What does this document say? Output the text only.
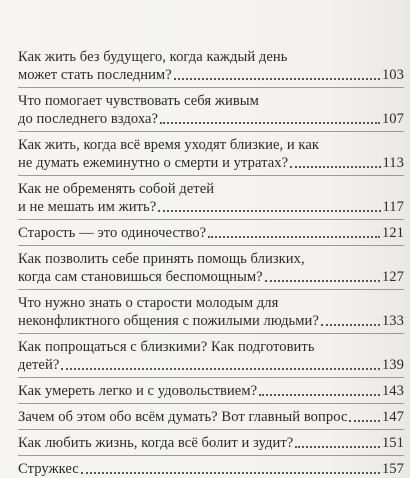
Как жить без будущего, когда каждый день
может стать последним?	103
Что помогает чувствовать себя живым
до последнего вздоха?	107
Как жить, когда всё время уходят близкие, и как
не думать ежеминутно о смерти и утратах?	113
Как не обременять собой детей
и не мешать им жить?	117
Старость — это одиночество?	121
Как позволить себе принять помощь близких,
когда сам становишься беспомощным?	127
Что нужно знать о старости молодым для
неконфликтного общения с пожилыми людьми?	133
Как попрощаться с близкими? Как подготовить
детей?	139
Как умереть легко и с удовольствием?	143
Зачем об этом обо всём думать? Вот главный вопрос 147
Как любить жизнь, когда всё болит и зудит?	151
Стружкес	157
